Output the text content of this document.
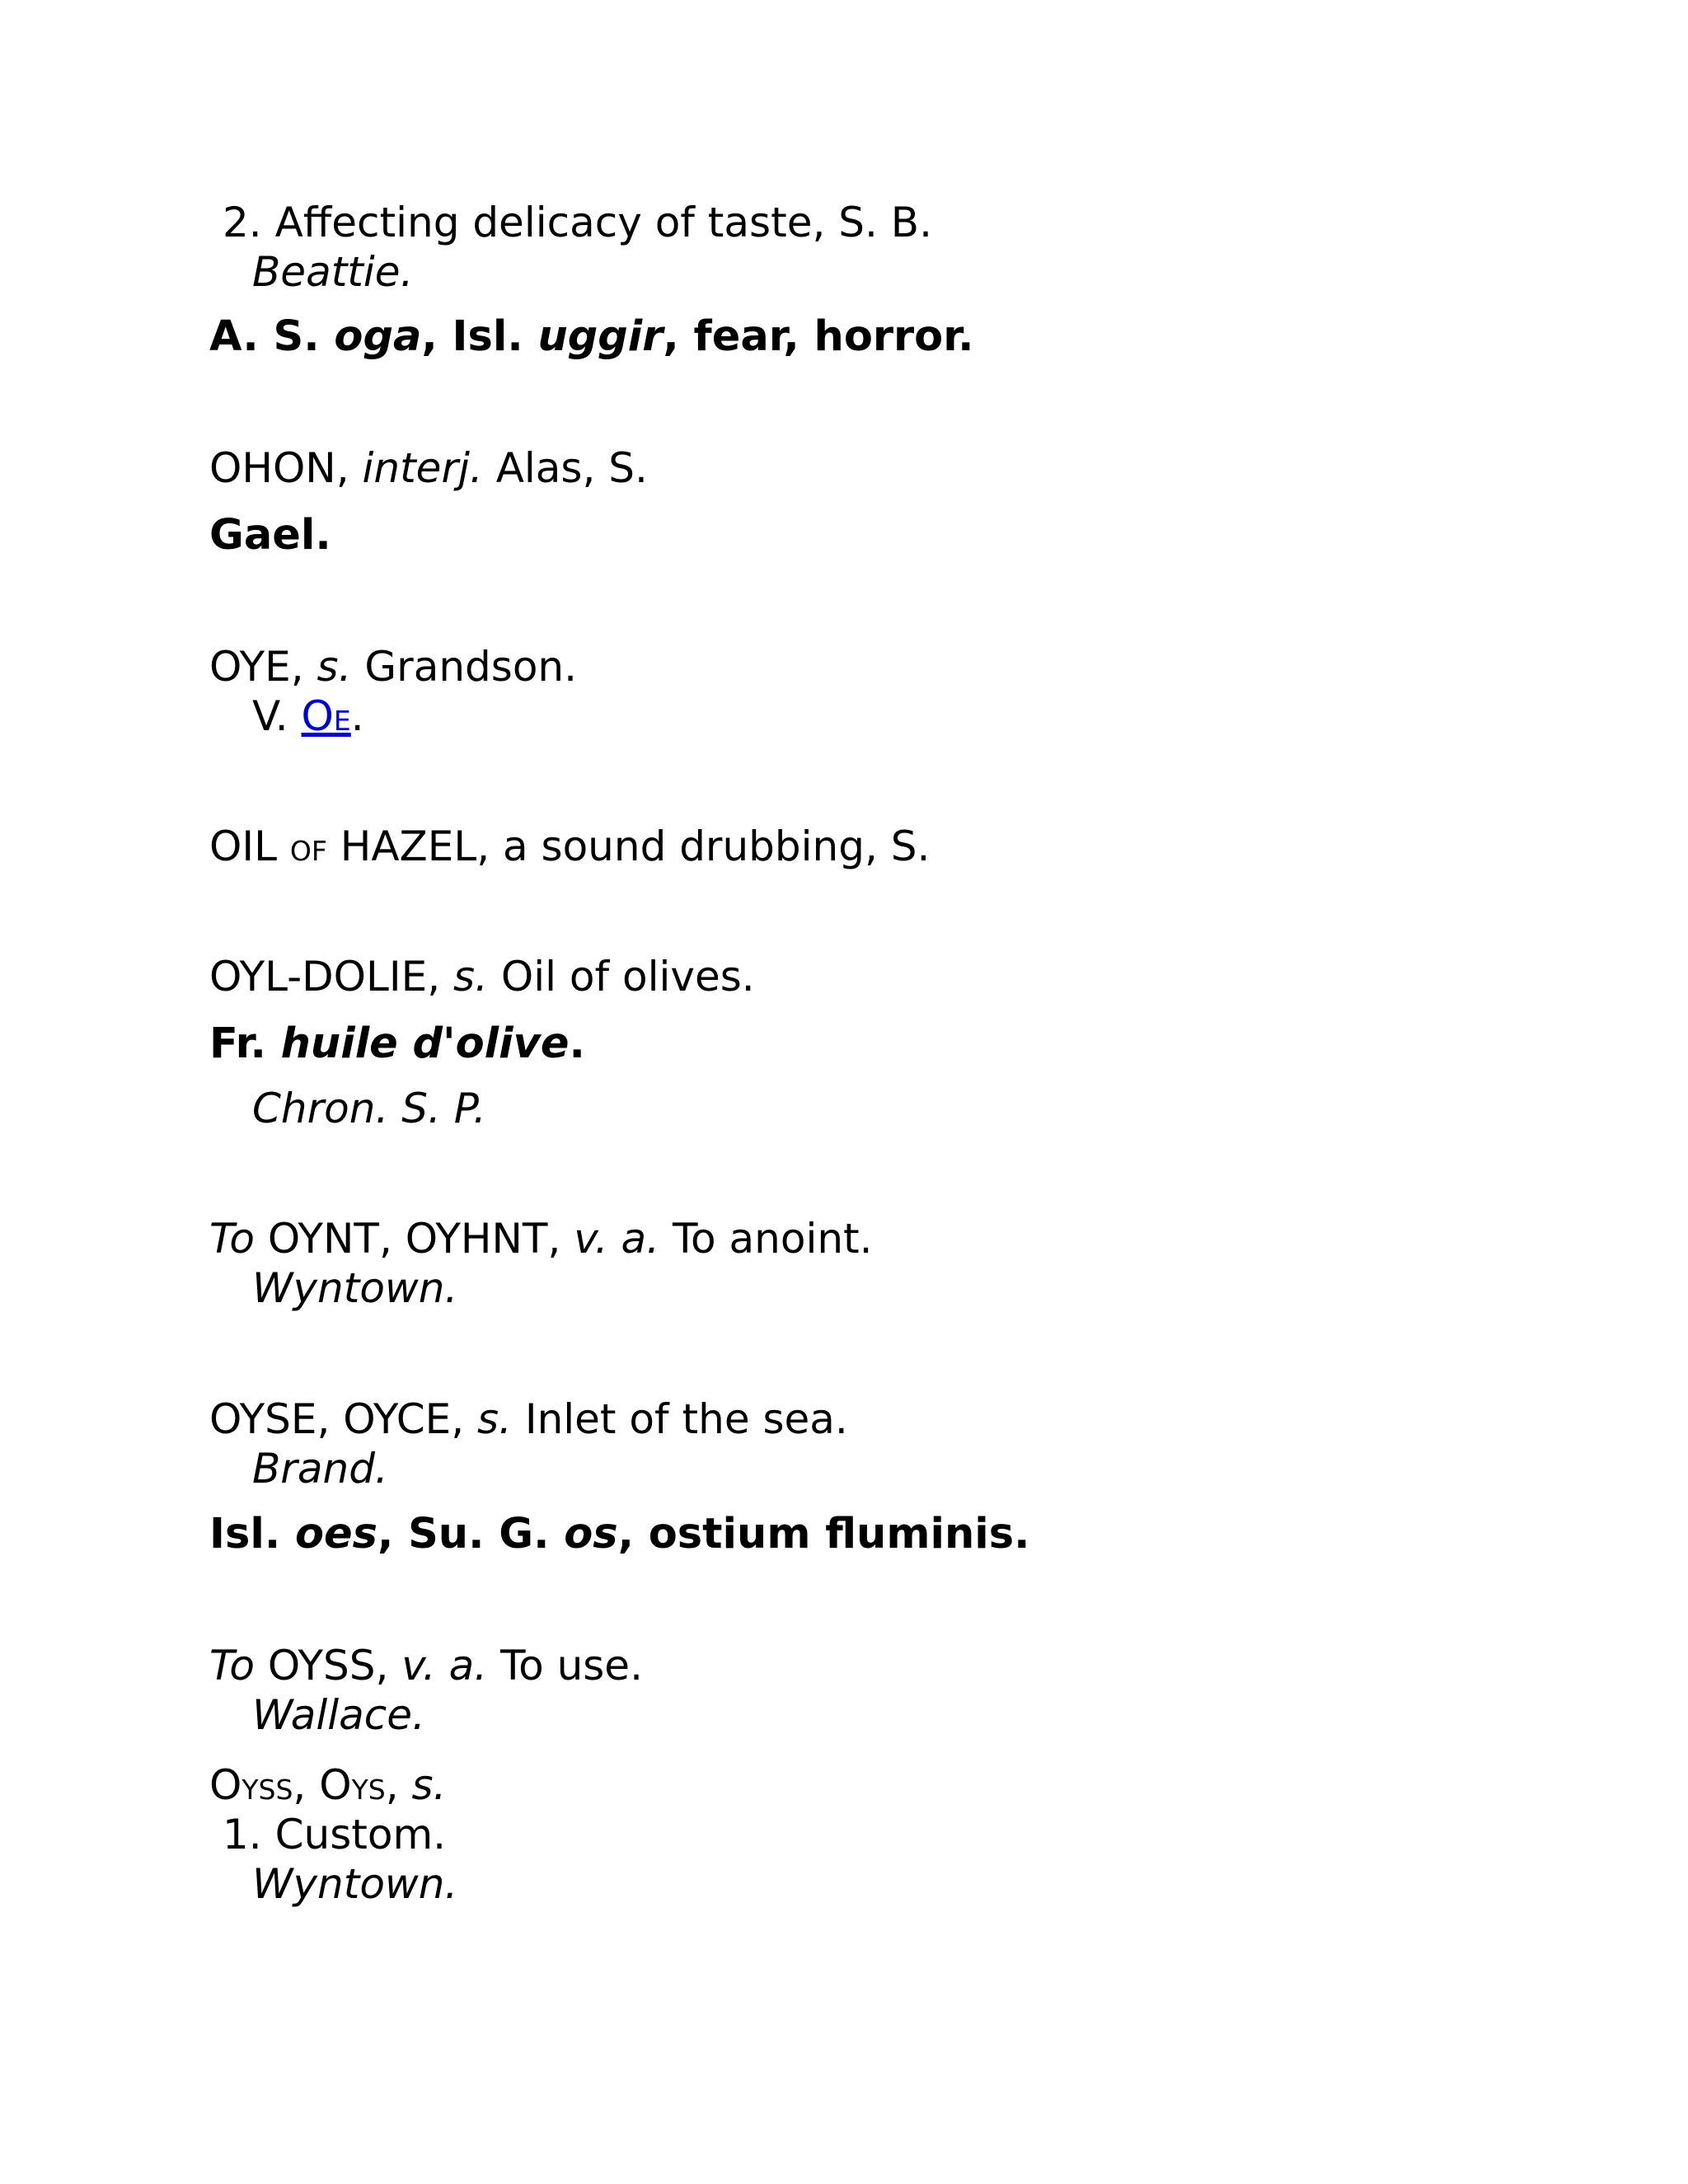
2. Affecting delicacy of taste, S. B.
Beattie.
A. S. oga, Isl. uggir, fear, horror.
OHON, interj. Alas, S.
Gael.
OYE, s. Grandson.
V. OE.
OIL OF HAZEL, a sound drubbing, S.
OYL-DOLIE, s. Oil of olives.
Fr. huile d'olive.
Chron. S. P.
To OYNT, OYHNT, v. a. To anoint.
Wyntown.
OYSE, OYCE, s. Inlet of the sea.
Brand.
Isl. oes, Su. G. os, ostium fluminis.
To OYSS, v. a. To use.
Wallace.
OYSS, OYS, s.
1. Custom.
Wyntown.
